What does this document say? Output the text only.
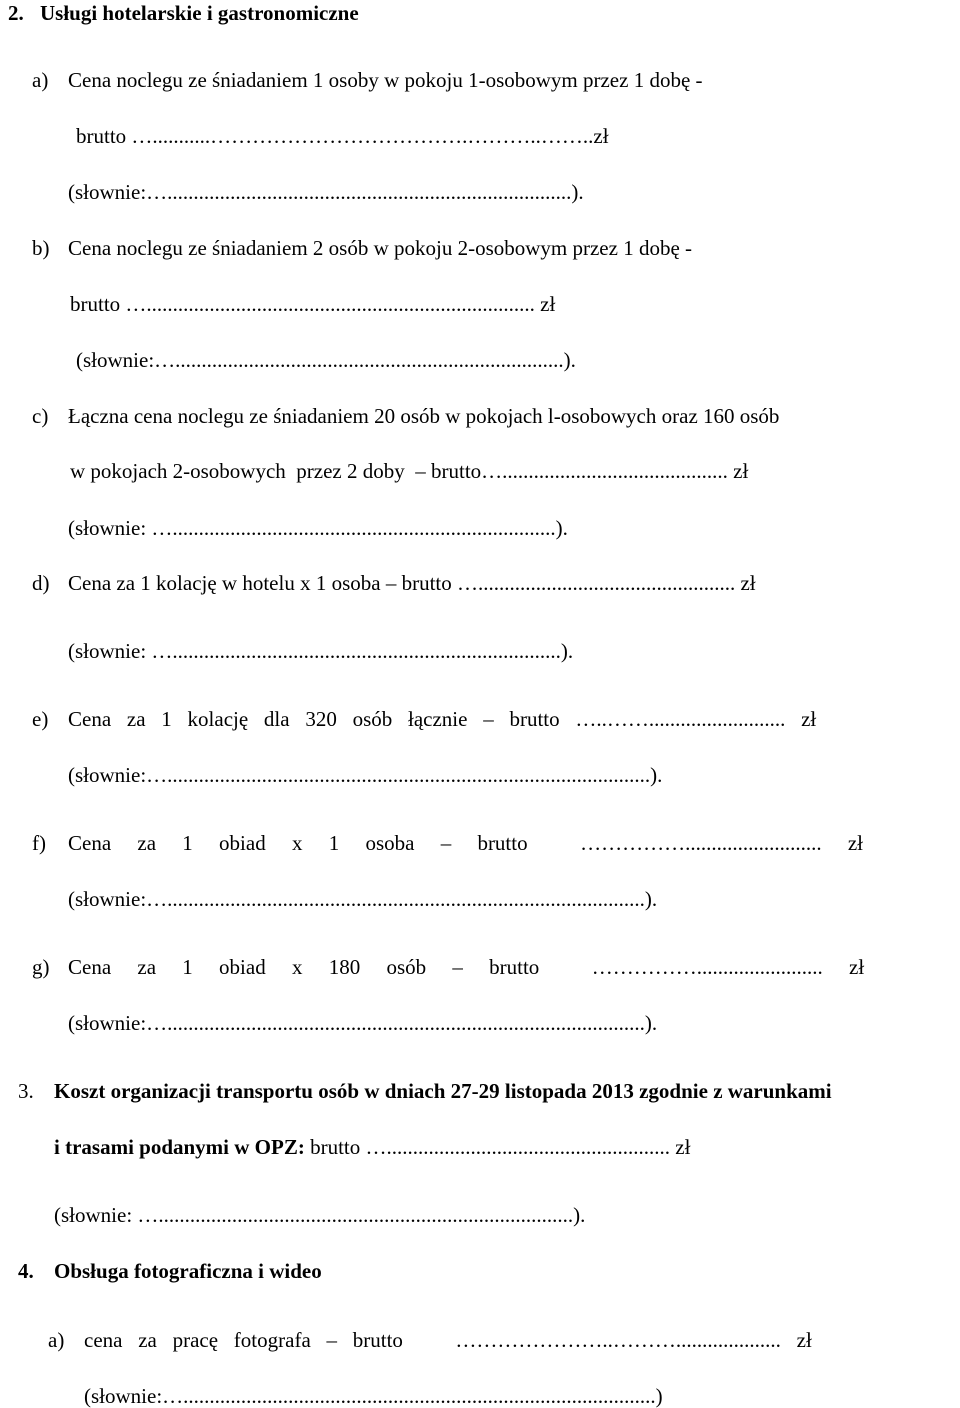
2. Usługi hotelarskie i gastronomiczne
a) Cena noclegu ze śniadaniem 1 osoby w pokoju 1-osobowym przez 1 dobę -
brutto …...........……………………………….………..……..zł
(słownie:….............................................................................).
b) Cena noclegu ze śniadaniem 2 osób w pokoju 2-osobowym przez 1 dobę -
brutto ….......................................................................... zł
(słownie:…..........................................................................).
c) Łączna cena noclegu ze śniadaniem 20 osób w pokojach l-osobowych oraz 160 osób
w pokojach 2-osobowych  przez 2 doby  – brutto…........................................... zł
(słownie: ….........................................................................).
d) Cena za 1 kolację w hotelu x 1 osoba – brutto …................................................. zł
(słownie: …..........................................................................).
e) Cena   za   1   kolację   dla   320   osób   łącznie   –   brutto   …..……..........................   zł
(słownie:…............................................................................................).
f) Cena     za     1     obiad     x     1     osoba     –     brutto          ……………..........................     zł
(słownie:…...........................................................................................).
g) Cena     za     1     obiad     x     180     osób     –     brutto          ……………........................     zł
(słownie:…...........................................................................................).
3. Koszt organizacji transportu osób w dniach 27-29 listopada 2013 zgodnie z warunkami
i trasami podanymi w OPZ: brutto …...................................................... zł
(słownie: …...............................................................................).
4. Obsługa fotograficzna i wideo
a) cena   za   pracę   fotografa   –   brutto          …………………..………....................   zł
(słownie:…..........................................................................................)
